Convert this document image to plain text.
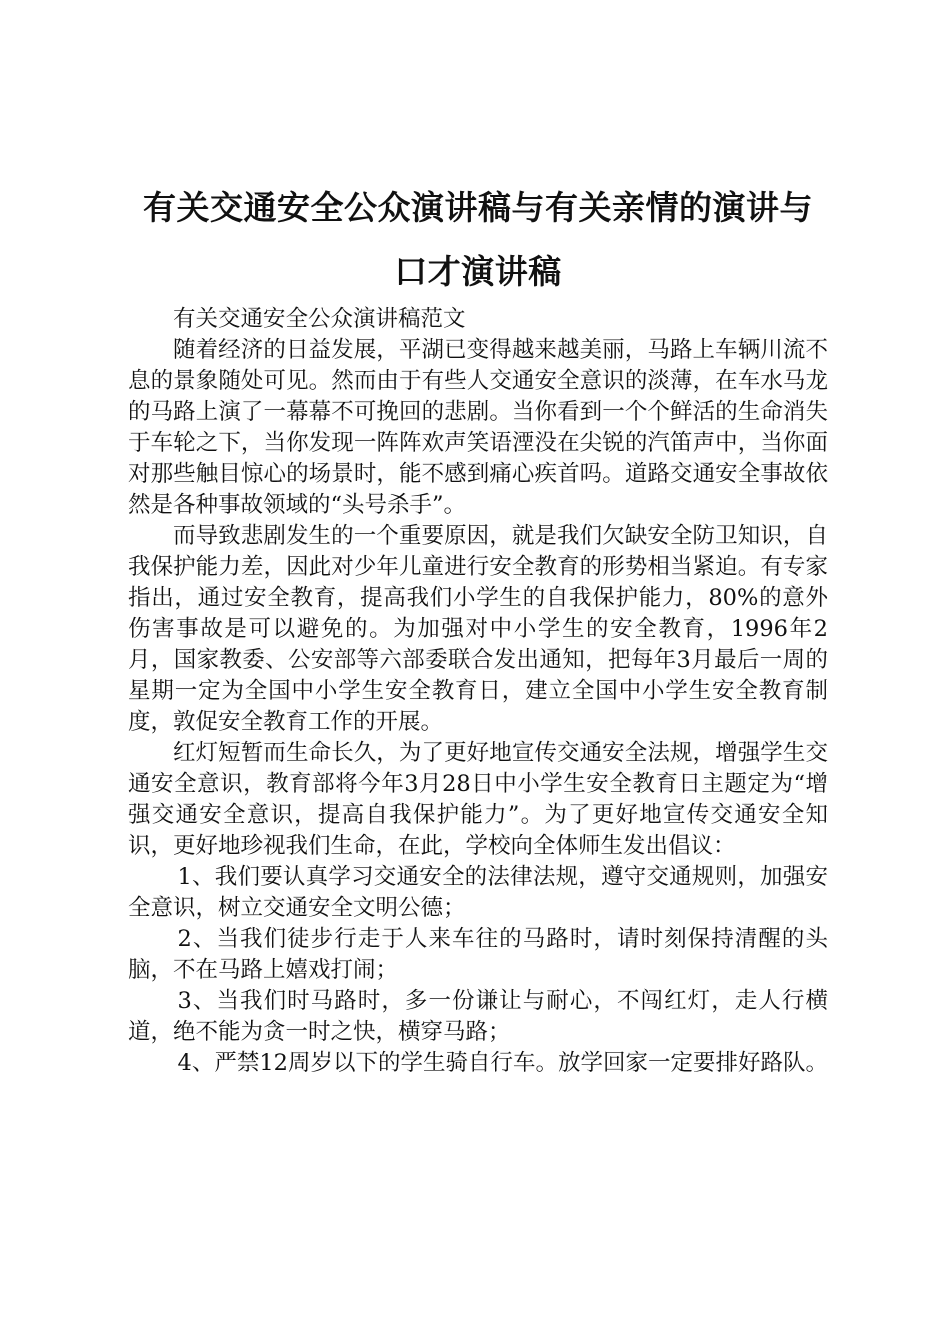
有关交通安全公众演讲稿与有关亲情的演讲与
口才演讲稿

有关交通安全公众演讲稿范文

随着经济的日益发展，平湖已变得越来越美丽，马路上车辆川流不息的景象随处可见。然而由于有些人交通安全意识的淡薄，在车水马龙的马路上演了一幕幕不可挽回的悲剧。当你看到一个个鲜活的生命消失于车轮之下，当你发现一阵阵欢声笑语湮没在尖锐的汽笛声中，当你面对那些触目惊心的场景时，能不感到痛心疾首吗。道路交通安全事故依然是各种事故领域的“头号杀手”。

而导致悲剧发生的一个重要原因，就是我们欠缺安全防卫知识，自我保护能力差，因此对少年儿童进行安全教育的形势相当紧迫。有专家指出，通过安全教育，提高我们小学生的自我保护能力，80%的意外伤害事故是可以避免的。为加强对中小学生的安全教育，1996年2月，国家教委、公安部等六部委联合发出通知，把每年3月最后一周的星期一定为全国中小学生安全教育日，建立全国中小学生安全教育制度，敦促安全教育工作的开展。

红灯短暂而生命长久，为了更好地宣传交通安全法规，增强学生交通安全意识，教育部将今年3月28日中小学生安全教育日主题定为“增强交通安全意识，提高自我保护能力”。为了更好地宣传交通安全知识，更好地珍视我们生命，在此，学校向全体师生发出倡议：

1、我们要认真学习交通安全的法律法规，遵守交通规则，加强安全意识，树立交通安全文明公德；

2、当我们徒步行走于人来车往的马路时，请时刻保持清醒的头脑，不在马路上嬉戏打闹；

3、当我们时马路时，多一份谦让与耐心，不闯红灯，走人行横道，绝不能为贪一时之快，横穿马路；

4、严禁12周岁以下的学生骑自行车。放学回家一定要排好路队。
